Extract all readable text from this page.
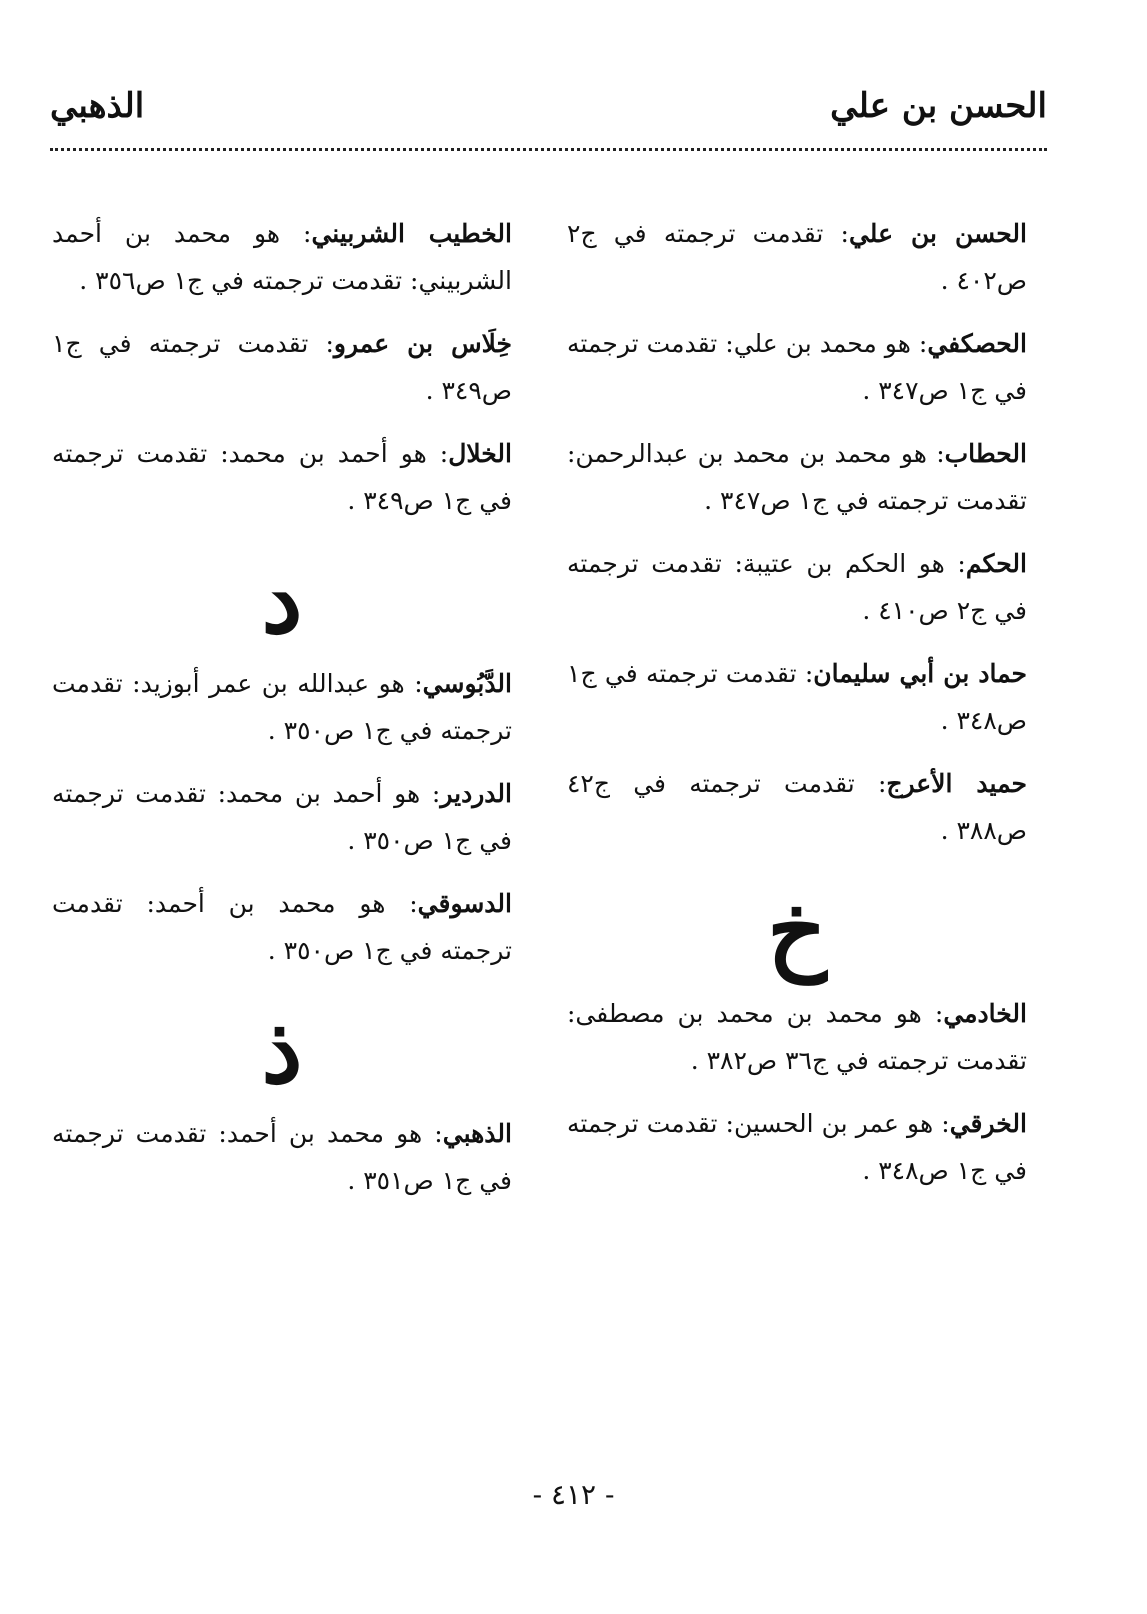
الحسن بن علي
الذهبي

الحسن بن علي: تقدمت ترجمته في ج٢ ص٤٠٢ .

الحصكفي: هو محمد بن علي: تقدمت ترجمته في ج١ ص٣٤٧ .

الحطاب: هو محمد بن محمد بن عبدالرحمن: تقدمت ترجمته في ج١ ص٣٤٧ .

الحكم: هو الحكم بن عتيبة: تقدمت ترجمته في ج٢ ص٤١٠ .

حماد بن أبي سليمان: تقدمت ترجمته في ج١ ص٣٤٨ .

حميد الأعرج: تقدمت ترجمته في ج٤٢ ص٣٨٨ .

خ

الخادمي: هو محمد بن محمد بن مصطفى: تقدمت ترجمته في ج٣٦ ص٣٨٢ .

الخرقي: هو عمر بن الحسين: تقدمت ترجمته في ج١ ص٣٤٨ .

الخطيب الشربيني: هو محمد بن أحمد الشربيني: تقدمت ترجمته في ج١ ص٣٥٦ .

خِلَاس بن عمرو: تقدمت ترجمته في ج١ ص٣٤٩ .

الخلال: هو أحمد بن محمد: تقدمت ترجمته في ج١ ص٣٤٩ .

د

الدَّبُوسي: هو عبدالله بن عمر أبوزيد: تقدمت ترجمته في ج١ ص٣٥٠ .

الدردير: هو أحمد بن محمد: تقدمت ترجمته في ج١ ص٣٥٠ .

الدسوقي: هو محمد بن أحمد: تقدمت ترجمته في ج١ ص٣٥٠ .

ذ

الذهبي: هو محمد بن أحمد: تقدمت ترجمته في ج١ ص٣٥١ .

- ٤١٢ -
